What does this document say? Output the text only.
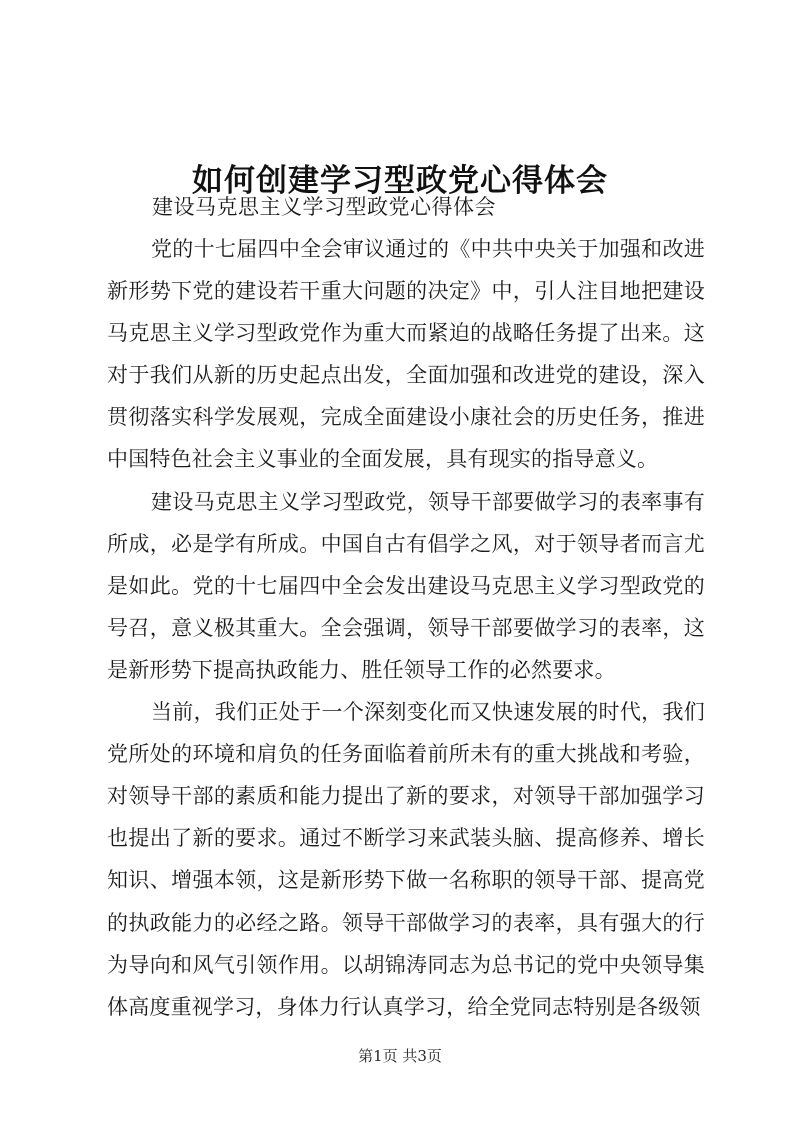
如何创建学习型政党心得体会

建设马克思主义学习型政党心得体会

党的十七届四中全会审议通过的《中共中央关于加强和改进新形势下党的建设若干重大问题的决定》中，引人注目地把建设马克思主义学习型政党作为重大而紧迫的战略任务提了出来。这对于我们从新的历史起点出发，全面加强和改进党的建设，深入贯彻落实科学发展观，完成全面建设小康社会的历史任务，推进中国特色社会主义事业的全面发展，具有现实的指导意义。

建设马克思主义学习型政党，领导干部要做学习的表率事有所成，必是学有所成。中国自古有倡学之风，对于领导者而言尤是如此。党的十七届四中全会发出建设马克思主义学习型政党的号召，意义极其重大。全会强调，领导干部要做学习的表率，这是新形势下提高执政能力、胜任领导工作的必然要求。

当前，我们正处于一个深刻变化而又快速发展的时代，我们党所处的环境和肩负的任务面临着前所未有的重大挑战和考验，对领导干部的素质和能力提出了新的要求，对领导干部加强学习也提出了新的要求。通过不断学习来武装头脑、提高修养、增长知识、增强本领，这是新形势下做一名称职的领导干部、提高党的执政能力的必经之路。领导干部做学习的表率，具有强大的行为导向和风气引领作用。以胡锦涛同志为总书记的党中央领导集体高度重视学习，身体力行认真学习，给全党同志特别是各级领

第1页 共3页
